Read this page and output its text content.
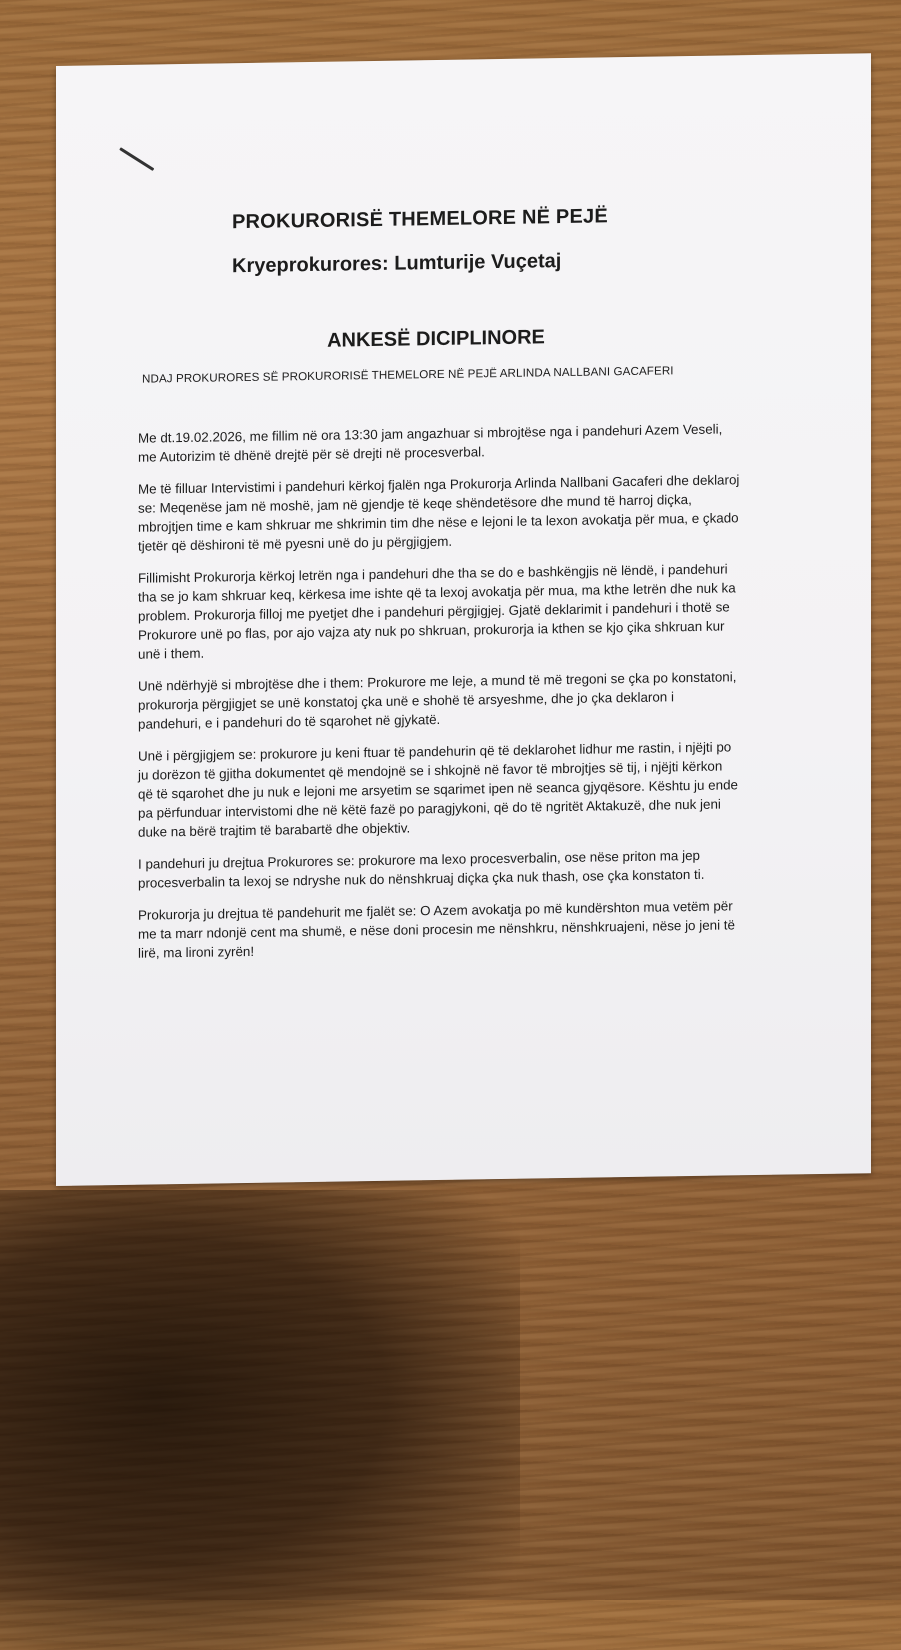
PROKURORISË THEMELORE NË PEJË
Kryeprokurores: Lumturije Vuçetaj
ANKESË DICIPLINORE

NDAJ PROKURORES SË PROKURORISË THEMELORE NË PEJË ARLINDA NALLBANI GACAFERI

Me dt.19.02.2026, me fillim në ora 13:30 jam angazhuar si mbrojtëse nga i pandehuri Azem Veseli, me Autorizim të dhënë drejtë për së drejti në procesverbal.

Me të filluar Intervistimi i pandehuri kërkoj fjalën nga Prokurorja Arlinda Nallbani Gacaferi dhe deklaroj se: Meqenëse jam në moshë, jam në gjendje të keqe shëndetësore dhe mund të harroj diçka, mbrojtjen time e kam shkruar me shkrimin tim dhe nëse e lejoni le ta lexon avokatja për mua, e çkado tjetër që dëshironi të më pyesni unë do ju përgjigjem.

Fillimisht Prokurorja kërkoj letrën nga i pandehuri dhe tha se do e bashkëngjis në lëndë, i pandehuri tha se jo kam shkruar keq, kërkesa ime ishte që ta lexoj avokatja për mua, ma kthe letrën dhe nuk ka problem. Prokurorja filloj me pyetjet dhe i pandehuri përgjigjej. Gjatë deklarimit i pandehuri i thotë se Prokurore unë po flas, por ajo vajza aty nuk po shkruan, prokurorja ia kthen se kjo çika shkruan kur unë i them.

Unë ndërhyjë si mbrojtëse dhe i them: Prokurore me leje, a mund të më tregoni se çka po konstatoni, prokurorja përgjigjet se unë konstatoj çka unë e shohë të arsyeshme, dhe jo çka deklaron i pandehuri, e i pandehuri do të sqarohet në gjykatë.

Unë i përgjigjem se: prokurore ju keni ftuar të pandehurin që të deklarohet lidhur me rastin, i njëjti po ju dorëzon të gjitha dokumentet që mendojnë se i shkojnë në favor të mbrojtjes së tij, i njëjti kërkon që të sqarohet dhe ju nuk e lejoni me arsyetim se sqarimet ipen në seanca gjyqësore. Kështu ju ende pa përfunduar intervistomi dhe në këtë fazë po paragjykoni, që do të ngritët Aktakuzë, dhe nuk jeni duke na bërë trajtim të barabartë dhe objektiv.

I pandehuri ju drejtua Prokurores se: prokurore ma lexo procesverbalin, ose nëse priton ma jep procesverbalin ta lexoj se ndryshe nuk do nënshkruaj diçka çka nuk thash, ose çka konstaton ti.

Prokurorja ju drejtua të pandehurit me fjalët se: O Azem avokatja po më kundërshton mua vetëm për me ta marr ndonjë cent ma shumë, e nëse doni procesin me nënshkru, nënshkruajeni, nëse jo jeni të lirë, ma lironi zyrën!
